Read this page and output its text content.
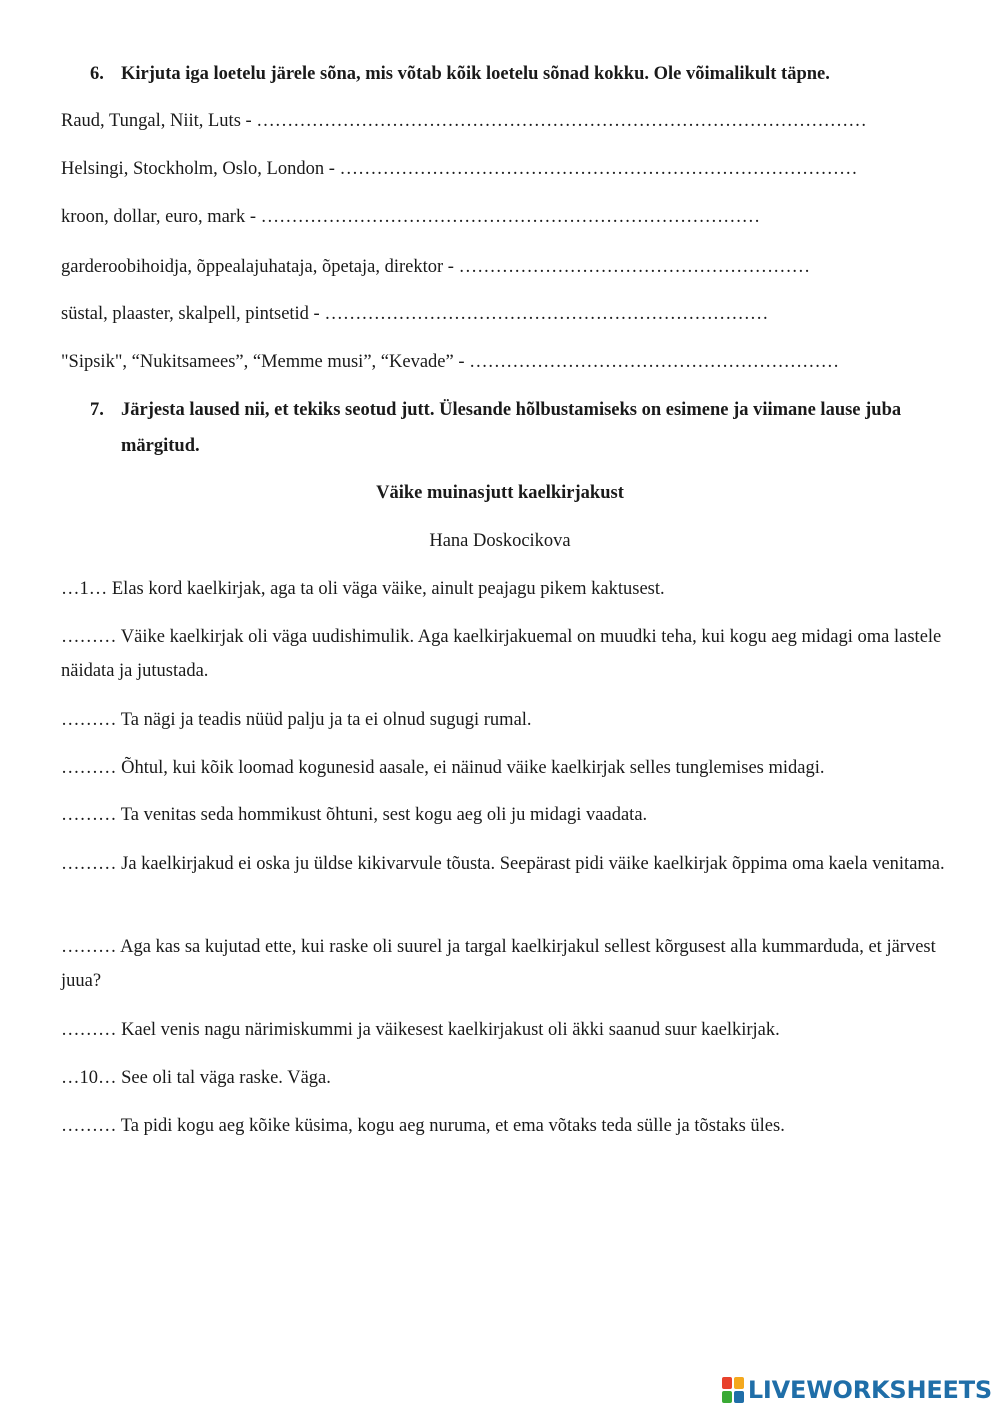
6. Kirjuta iga loetelu järele sõna, mis võtab kõik loetelu sõnad kokku. Ole võimalikult täpne.
Raud, Tungal, Niit, Luts - ………………………………………………………………………………………
Helsingi, Stockholm, Oslo, London - …………………………………………………………………………
kroon, dollar, euro, mark - ………………………………………………………………………
garderoobihoidja, õppealajuhataja, õpetaja, direktor - …………………………………………………
süstal, plaaster, skalpell, pintsetid - ………………………………………………………………
"Sipsik", “Nukitsamees”, “Memme musi”, “Kevade” - ……………………………………………………
7. Järjesta laused nii, et tekiks seotud jutt. Ülesande hõlbustamiseks on esimene ja viimane lause juba märgitud.
Väike muinasjutt kaelkirjakust
Hana Doskocikova
…1… Elas kord kaelkirjak, aga ta oli väga väike, ainult peajagu pikem kaktusest.
……… Väike kaelkirjak oli väga uudishimulik. Aga kaelkirjakuemal on muudki teha, kui kogu aeg midagi oma lastele näidata ja jutustada.
……… Ta nägi ja teadis nüüd palju ja ta ei olnud sugugi rumal.
……… Õhtul, kui kõik loomad kogunesid aasale, ei näinud väike kaelkirjak selles tunglemises midagi.
……… Ta venitas seda hommikust õhtuni, sest kogu aeg oli ju midagi vaadata.
……… Ja kaelkirjakud ei oska ju üldse kikivarvule tõusta. Seepärast pidi väike kaelkirjak õppima oma kaela venitama.
……… Aga kas sa kujutad ette, kui raske oli suurel ja targal kaelkirjakul sellest kõrgusest alla kummarduda, et järvest juua?
……… Kael venis nagu närimiskummi ja väikesest kaelkirjakust oli äkki saanud suur kaelkirjak.
…10… See oli tal väga raske. Väga.
……… Ta pidi kogu aeg kõike küsima, kogu aeg nuruma, et ema võtaks teda sülle ja tõstaks üles.
LIVEWORKSHEETS
